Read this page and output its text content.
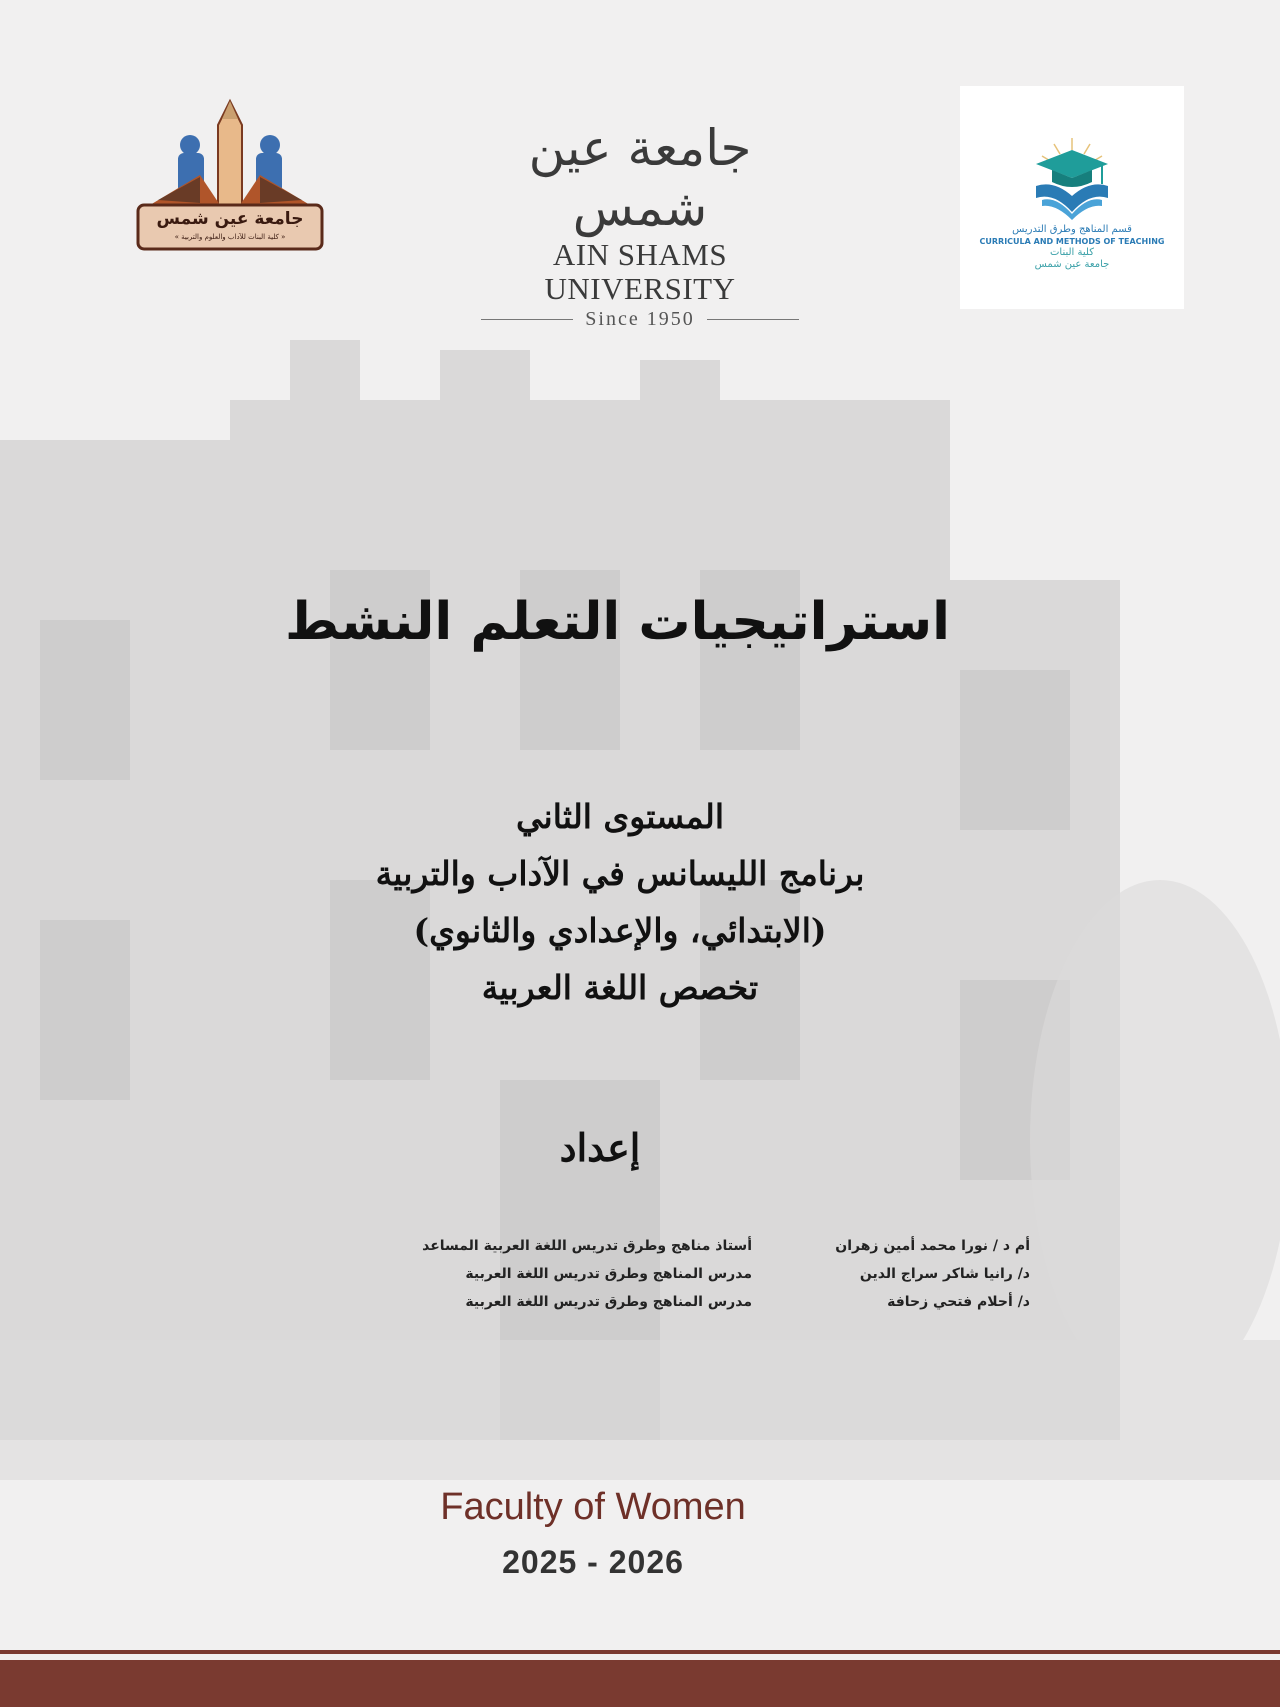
جامعة عين شمس
« كلية البنات للآداب والعلوم والتربية »
جامعة عين شمس
AIN SHAMS UNIVERSITY
Since 1950
قسم المناهج وطرق التدريس
CURRICULA AND METHODS OF TEACHING
كلية البنات
جامعة عين شمس
استراتيجيات التعلم النشط
المستوى الثاني
برنامج الليسانس في الآداب والتربية
(الابتدائي، والإعدادي والثانوي)
تخصص اللغة العربية
إعداد
أم د / نورا محمد أمين زهران
أستاذ مناهج وطرق تدريس اللغة العربية المساعد
د/ رانيا شاكر سراج الدين
مدرس المناهج وطرق تدريس اللغة العربية
د/ أحلام فتحي زحافة
مدرس المناهج وطرق تدريس اللغة العربية
Faculty of Women
2025 - 2026
